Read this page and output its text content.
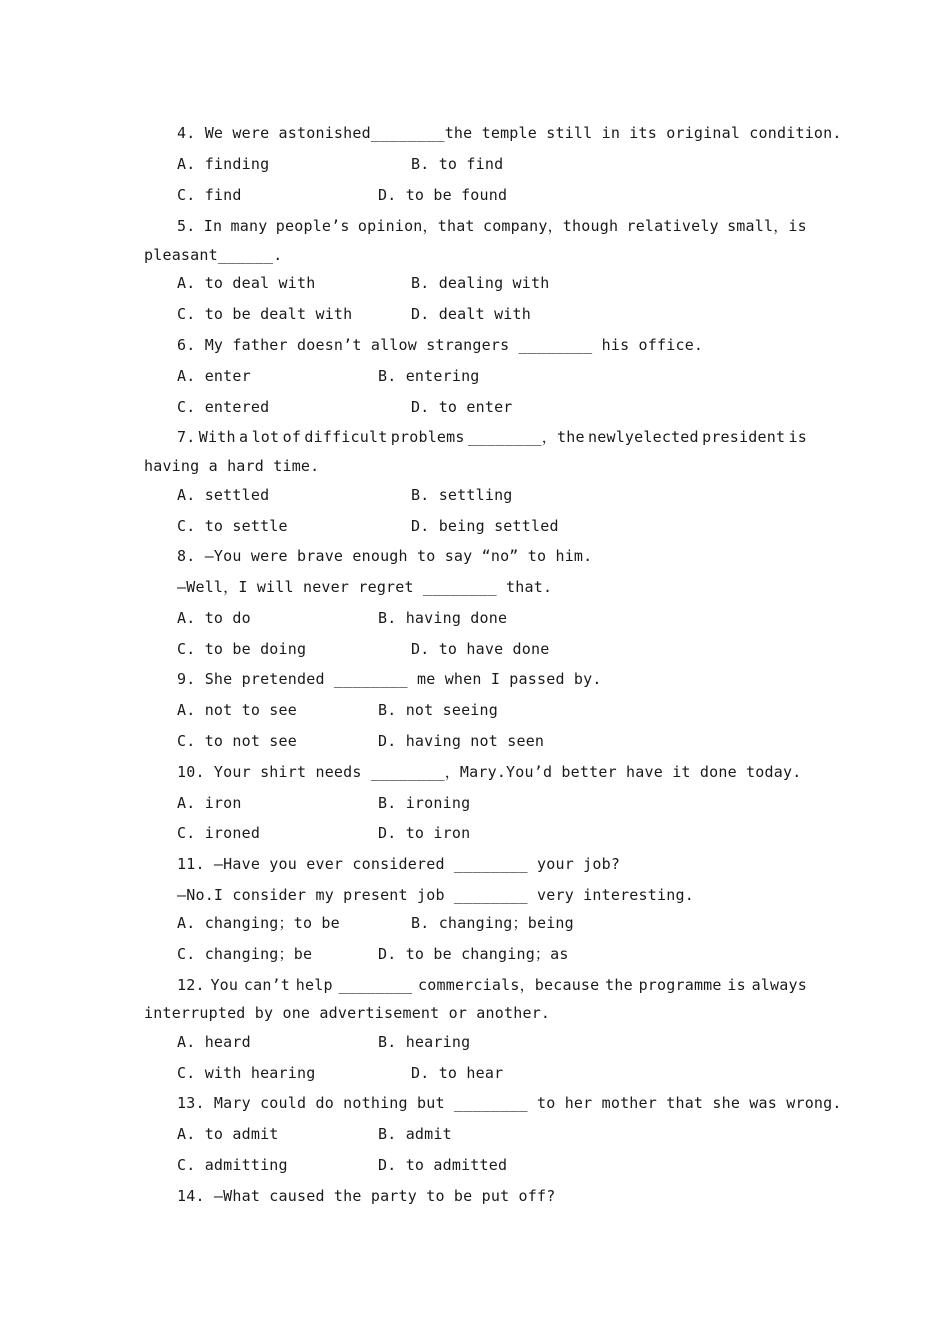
4. We were astonished________the temple still in its original condition.
A. finding	B. to find
C. find	D. to be found
5. In many people’s opinion，that company，though relatively small，is
pleasant______.
A. to deal with	B. dealing with
C. to be dealt with	D. dealt with
6. My father doesn’t allow strangers ________ his office.
A. enter	B. entering
C. entered	D. to enter
7. With a lot of difficult problems ________，the newlyelected president is
having a hard time.
A. settled	B. settling
C. to settle	D. being settled
8. —You were brave enough to say “no” to him.
—Well，I will never regret ________ that.
A. to do	B. having done
C. to be doing	D. to have done
9. She pretended ________ me when I passed by.
A. not to see	B. not seeing
C. to not see	D. having not seen
10. Your shirt needs ________，Mary.You’d better have it done today.
A. iron	B. ironing
C. ironed	D. to iron
11. —Have you ever considered ________ your job?
—No.I consider my present job ________ very interesting.
A. changing；to be	B. changing；being
C. changing；be	D. to be changing；as
12. You can’t help ________ commercials，because the programme is always
interrupted by one advertisement or another.
A. heard	B. hearing
C. with hearing	D. to hear
13. Mary could do nothing but ________ to her mother that she was wrong.
A. to admit	B. admit
C. admitting	D. to admitted
14. —What caused the party to be put off?
